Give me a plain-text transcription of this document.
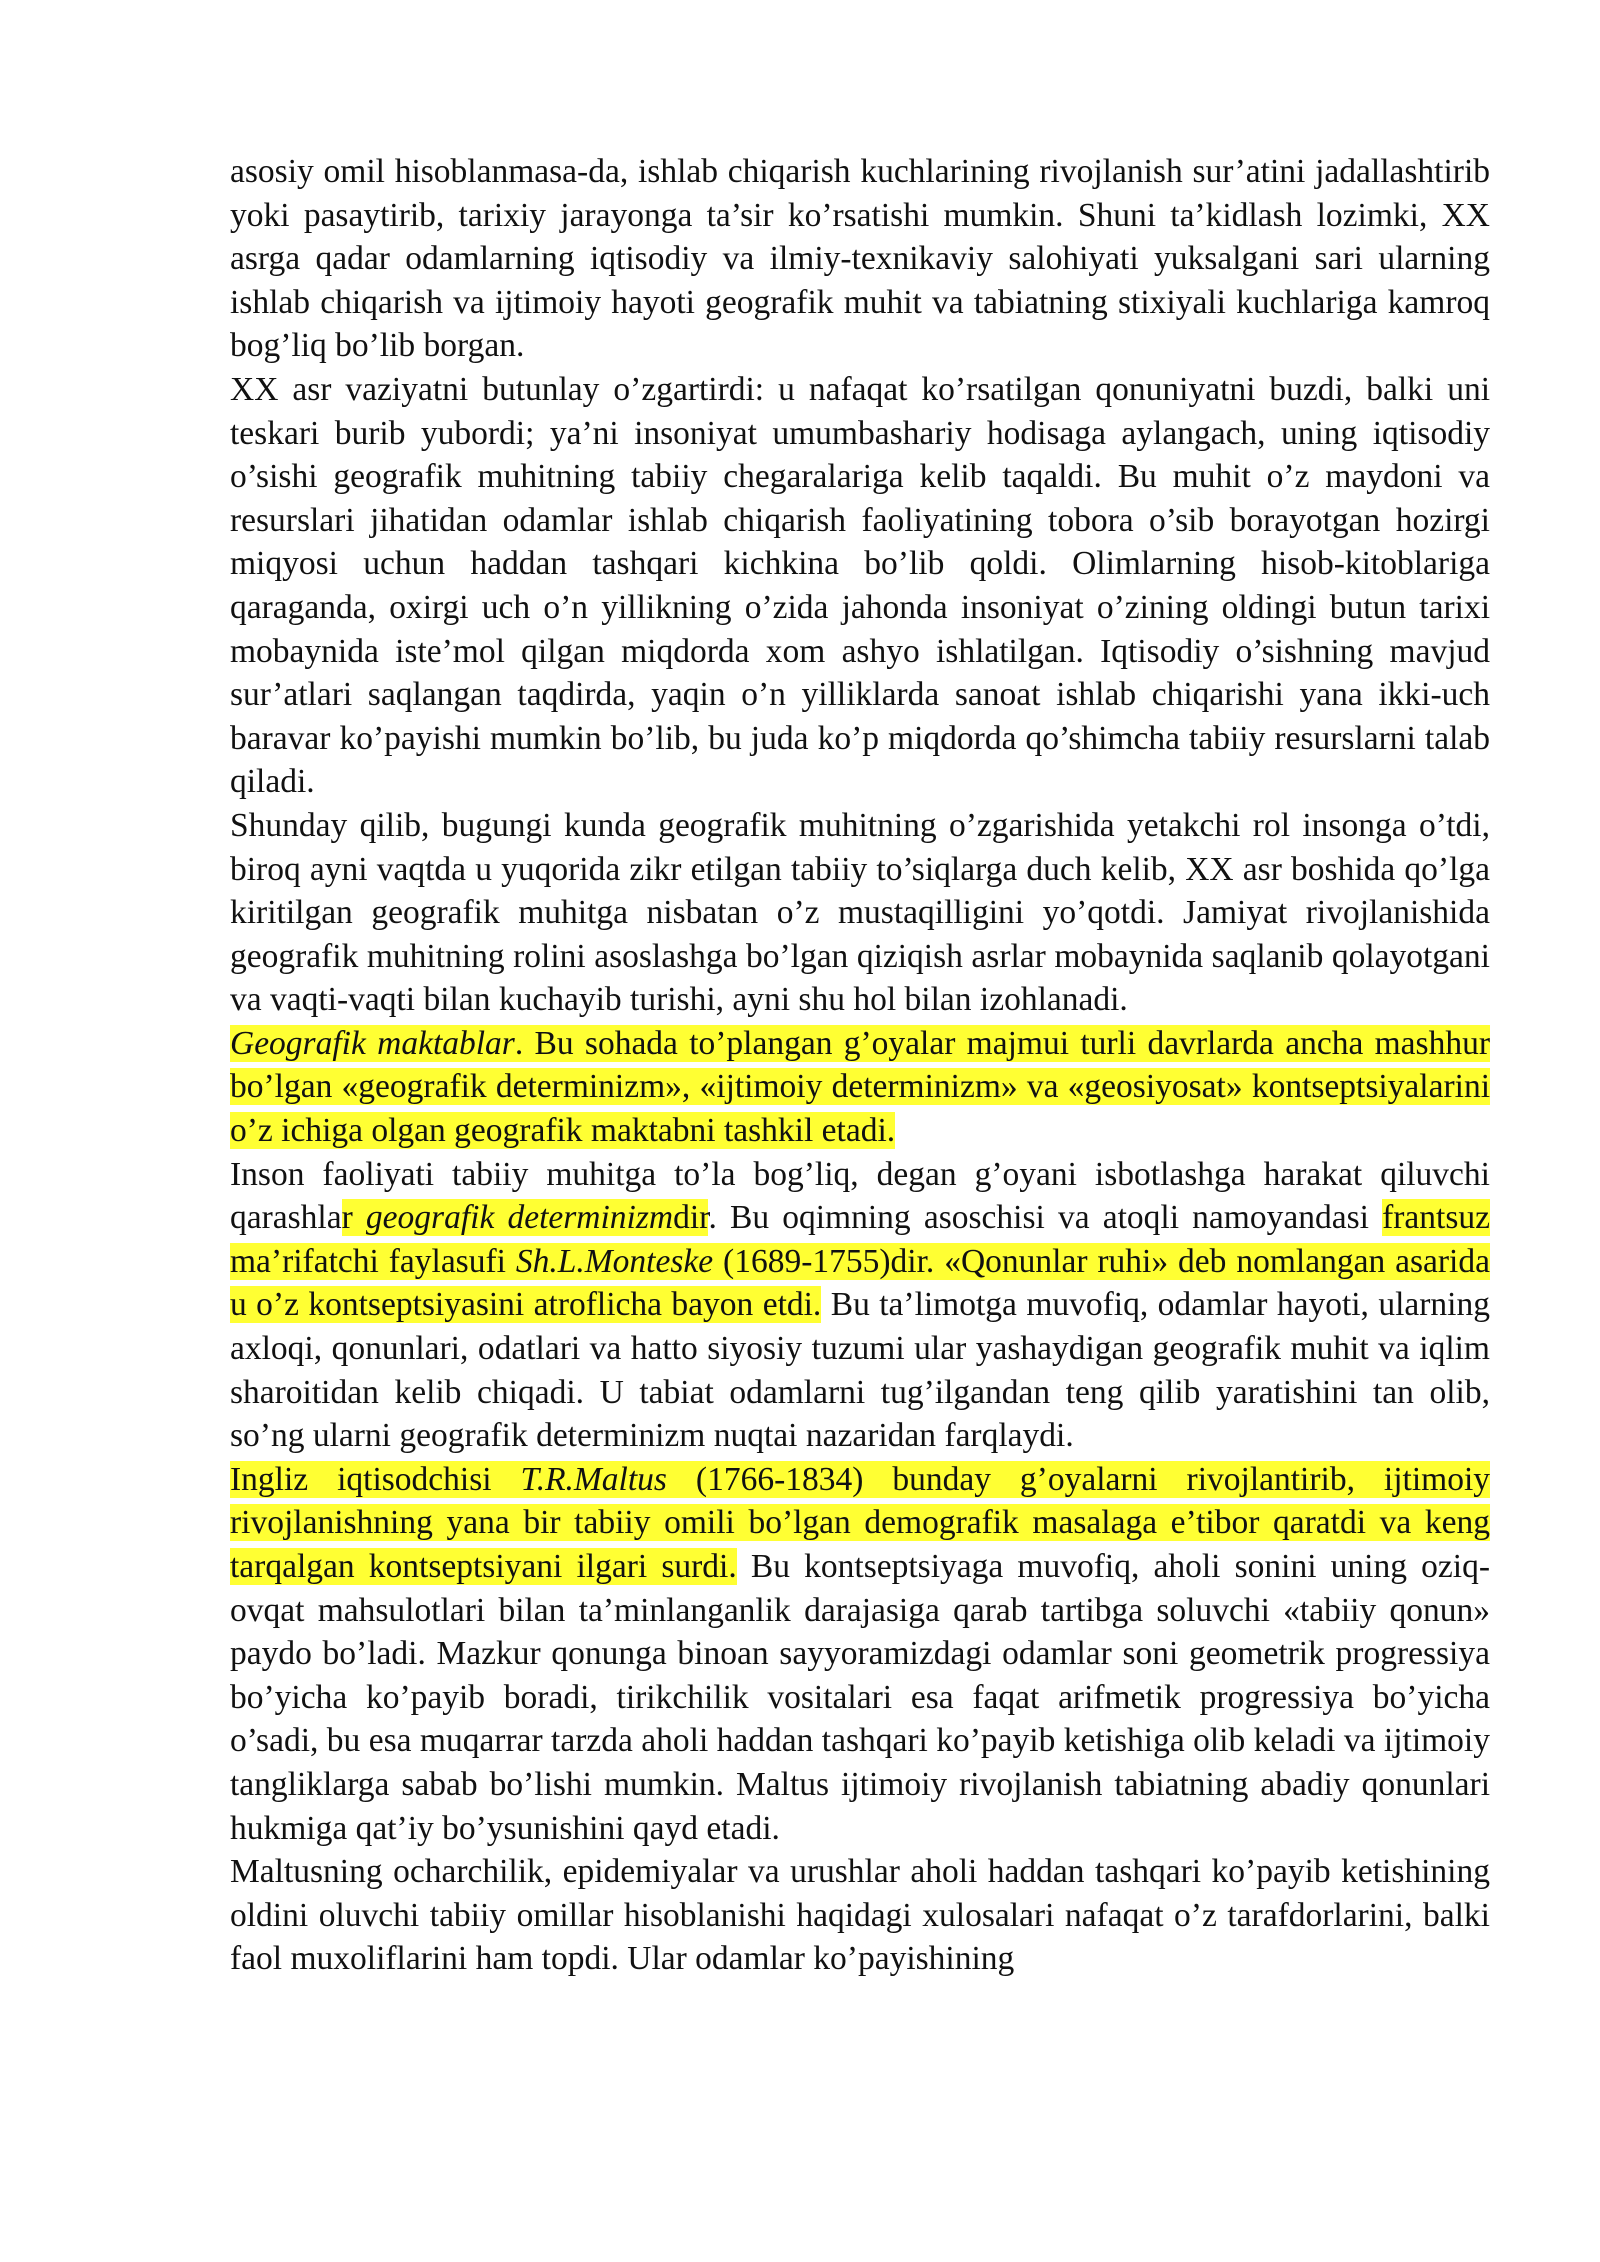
asosiy omil hisoblanmasa-da, ishlab chiqarish kuchlarining rivojlanish sur’atini jadallashtirib yoki pasaytirib, tarixiy jarayonga ta’sir ko’rsatishi mumkin. Shuni ta’kidlash lozimki, XX asrga qadar odamlarning iqtisodiy va ilmiy-texnikaviy salohiyati yuksalgani sari ularning ishlab chiqarish va ijtimoiy hayoti geografik muhit va tabiatning stixiyali kuchlariga kamroq bog’liq bo’lib borgan.

XX asr vaziyatni butunlay o’zgartirdi: u nafaqat ko’rsatilgan qonuniyatni buzdi, balki uni teskari burib yubordi; ya’ni insoniyat umumbashariy hodisaga aylangach, uning iqtisodiy o’sishi geografik muhitning tabiiy chegaralariga kelib taqaldi. Bu muhit o’z maydoni va resurslari jihatidan odamlar ishlab chiqarish faoliyatining tobora o’sib borayotgan hozirgi miqyosi uchun haddan tashqari kichkina bo’lib qoldi. Olimlarning hisob-kitoblariga qaraganda, oxirgi uch o’n yillikning o’zida jahonda insoniyat o’zining oldingi butun tarixi mobaynida iste’mol qilgan miqdorda xom ashyo ishlatilgan. Iqtisodiy o’sishning mavjud sur’atlari saqlangan taqdirda, yaqin o’n yilliklarda sanoat ishlab chiqarishi yana ikki-uch baravar ko’payishi mumkin bo’lib, bu juda ko’p miqdorda qo’shimcha tabiiy resurslarni talab qiladi.

Shunday qilib, bugungi kunda geografik muhitning o’zgarishida yetakchi rol insonga o’tdi, biroq ayni vaqtda u yuqorida zikr etilgan tabiiy to’siqlarga duch kelib, XX asr boshida qo’lga kiritilgan geografik muhitga nisbatan o’z mustaqilligini yo’qotdi. Jamiyat rivojlanishida geografik muhitning rolini asoslashga bo’lgan qiziqish asrlar mobaynida saqlanib qolayotgani va vaqti-vaqti bilan kuchayib turishi, ayni shu hol bilan izohlanadi.

Geografik maktablar. Bu sohada to’plangan g’oyalar majmui turli davrlarda ancha mashhur bo’lgan «geografik determinizm», «ijtimoiy determinizm» va «geosiyosat» kontseptsiyalarini o’z ichiga olgan geografik maktabni tashkil etadi.

Inson faoliyati tabiiy muhitga to’la bog’liq, degan g’oyani isbotlashga harakat qiluvchi qarashlar geografik determinizmdir. Bu oqimning asoschisi va atoqli namoyandasi frantsuz ma’rifatchi faylasufi Sh.L.Monteske (1689-1755)dir. «Qonunlar ruhi» deb nomlangan asarida u o’z kontseptsiyasini atroflicha bayon etdi. Bu ta’limotga muvofiq, odamlar hayoti, ularning axloqi, qonunlari, odatlari va hatto siyosiy tuzumi ular yashaydigan geografik muhit va iqlim sharoitidan kelib chiqadi. U tabiat odamlarni tug’ilgandan teng qilib yaratishini tan olib, so’ng ularni geografik determinizm nuqtai nazaridan farqlaydi.

Ingliz iqtisodchisi T.R.Maltus (1766-1834) bunday g’oyalarni rivojlantirib, ijtimoiy rivojlanishning yana bir tabiiy omili bo’lgan demografik masalaga e’tibor qaratdi va keng tarqalgan kontseptsiyani ilgari surdi. Bu kontseptsiyaga muvofiq, aholi sonini uning oziq-ovqat mahsulotlari bilan ta’minlanganlik darajasiga qarab tartibga soluvchi «tabiiy qonun» paydo bo’ladi. Mazkur qonunga binoan sayyoramizdagi odamlar soni geometrik progressiya bo’yicha ko’payib boradi, tirikchilik vositalari esa faqat arifmetik progressiya bo’yicha o’sadi, bu esa muqarrar tarzda aholi haddan tashqari ko’payib ketishiga olib keladi va ijtimoiy tangliklarga sabab bo’lishi mumkin. Maltus ijtimoiy rivojlanish tabiatning abadiy qonunlari hukmiga qat’iy bo’ysunishini qayd etadi.

Maltusning ocharchilik, epidemiyalar va urushlar aholi haddan tashqari ko’payib ketishining oldini oluvchi tabiiy omillar hisoblanishi haqidagi xulosalari nafaqat o’z tarafdorlarini, balki faol muxoliflarini ham topdi. Ular odamlar ko’payishining
